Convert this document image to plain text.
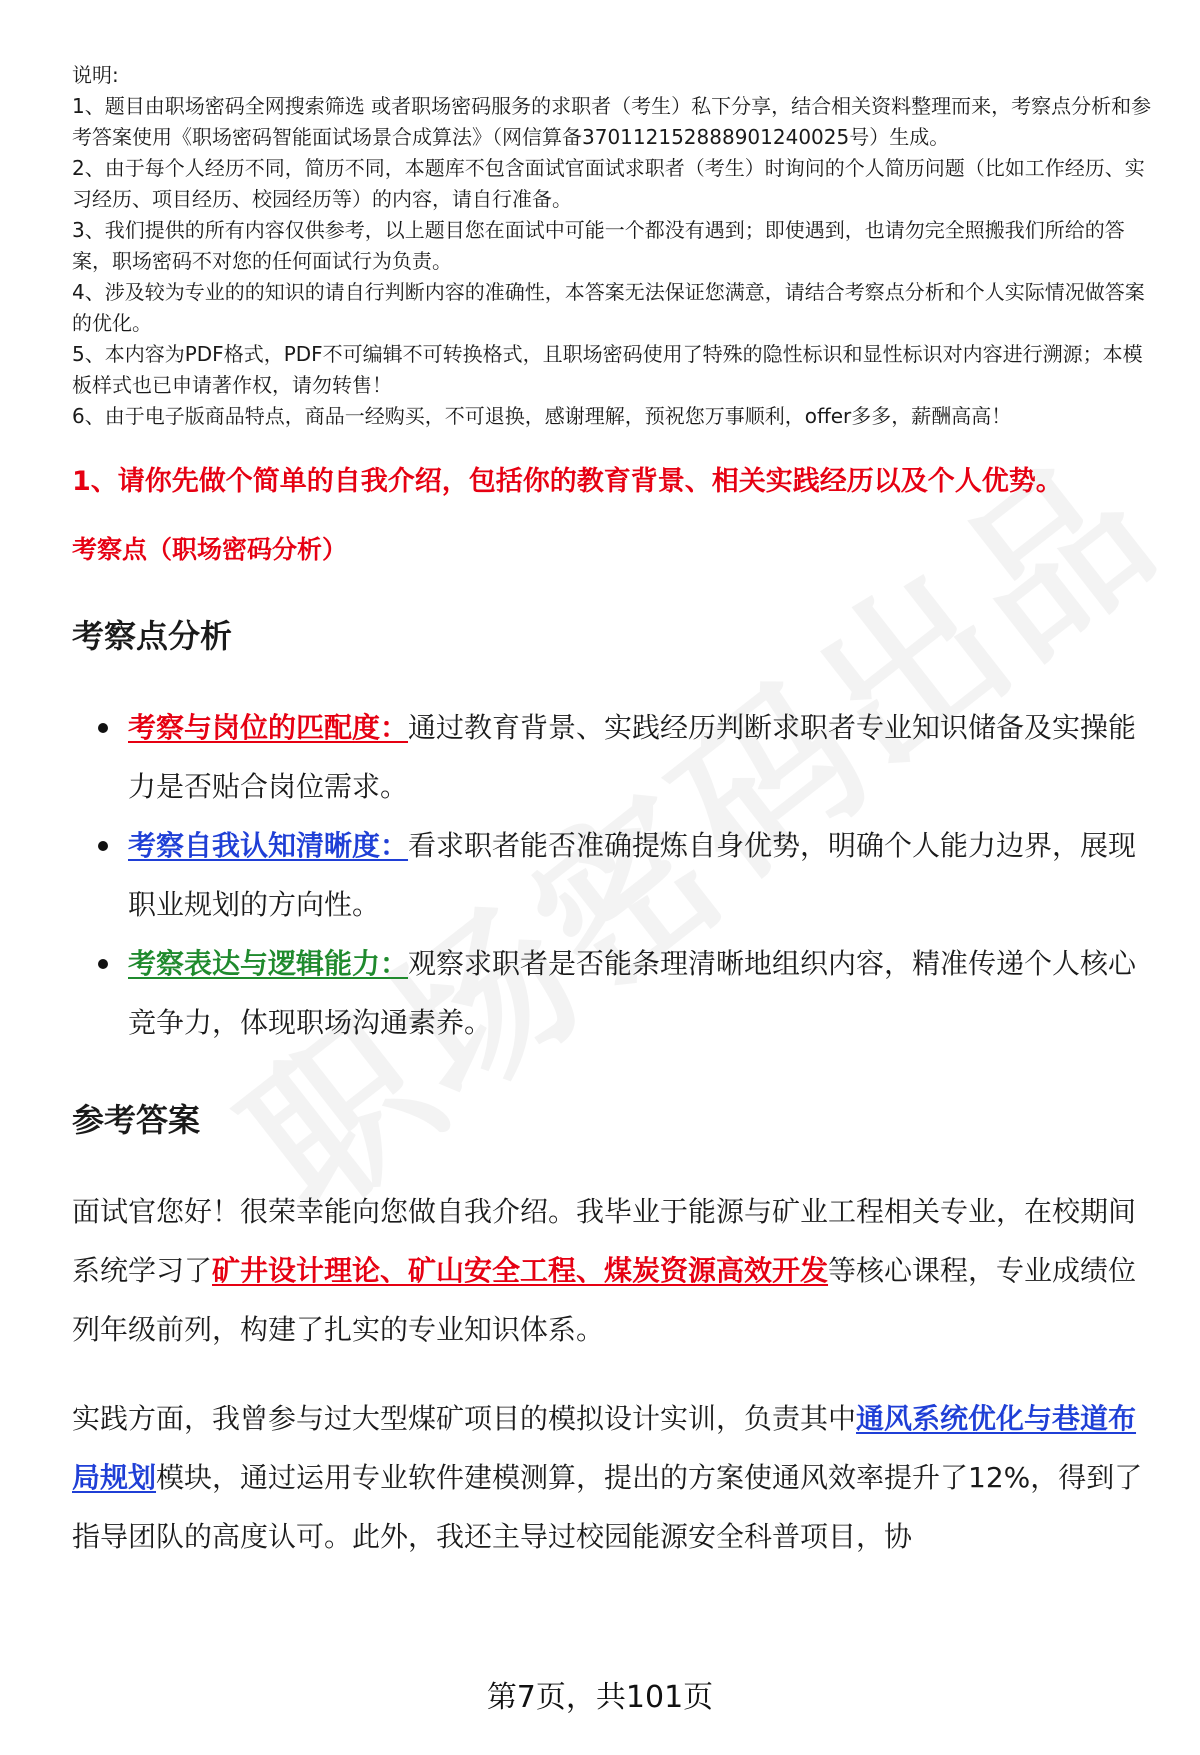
说明:

1、题目由职场密码全网搜索筛选 或者职场密码服务的求职者（考生）私下分享，结合相关资料整理而来，考察点分析和参考答案使用《职场密码智能面试场景合成算法》（网信算备370112152888901240025号）生成。

2、由于每个人经历不同，简历不同，本题库不包含面试官面试求职者（考生）时询问的个人简历问题（比如工作经历、实习经历、项目经历、校园经历等）的内容，请自行准备。

3、我们提供的所有内容仅供参考，以上题目您在面试中可能一个都没有遇到；即使遇到，也请勿完全照搬我们所给的答案，职场密码不对您的任何面试行为负责。

4、涉及较为专业的的知识的请自行判断内容的准确性，本答案无法保证您满意，请结合考察点分析和个人实际情况做答案的优化。

5、本内容为PDF格式，PDF不可编辑不可转换格式，且职场密码使用了特殊的隐性标识和显性标识对内容进行溯源；本模板样式也已申请著作权，请勿转售！

6、由于电子版商品特点，商品一经购买，不可退换，感谢理解，预祝您万事顺利，offer多多，薪酬高高！

1、请你先做个简单的自我介绍，包括你的教育背景、相关实践经历以及个人优势。
考察点（职场密码分析）
考察点分析
考察与岗位的匹配度：通过教育背景、实践经历判断求职者专业知识储备及实操能力是否贴合岗位需求。
考察自我认知清晰度：看求职者能否准确提炼自身优势，明确个人能力边界，展现职业规划的方向性。
考察表达与逻辑能力：观察求职者是否能条理清晰地组织内容，精准传递个人核心竞争力，体现职场沟通素养。
参考答案

面试官您好！很荣幸能向您做自我介绍。我毕业于能源与矿业工程相关专业，在校期间系统学习了矿井设计理论、矿山安全工程、煤炭资源高效开发等核心课程，专业成绩位列年级前列，构建了扎实的专业知识体系。

实践方面，我曾参与过大型煤矿项目的模拟设计实训，负责其中通风系统优化与巷道布局规划模块，通过运用专业软件建模测算，提出的方案使通风效率提升了12%，得到了指导团队的高度认可。此外，我还主导过校园能源安全科普项目，协

第7页，共101页
